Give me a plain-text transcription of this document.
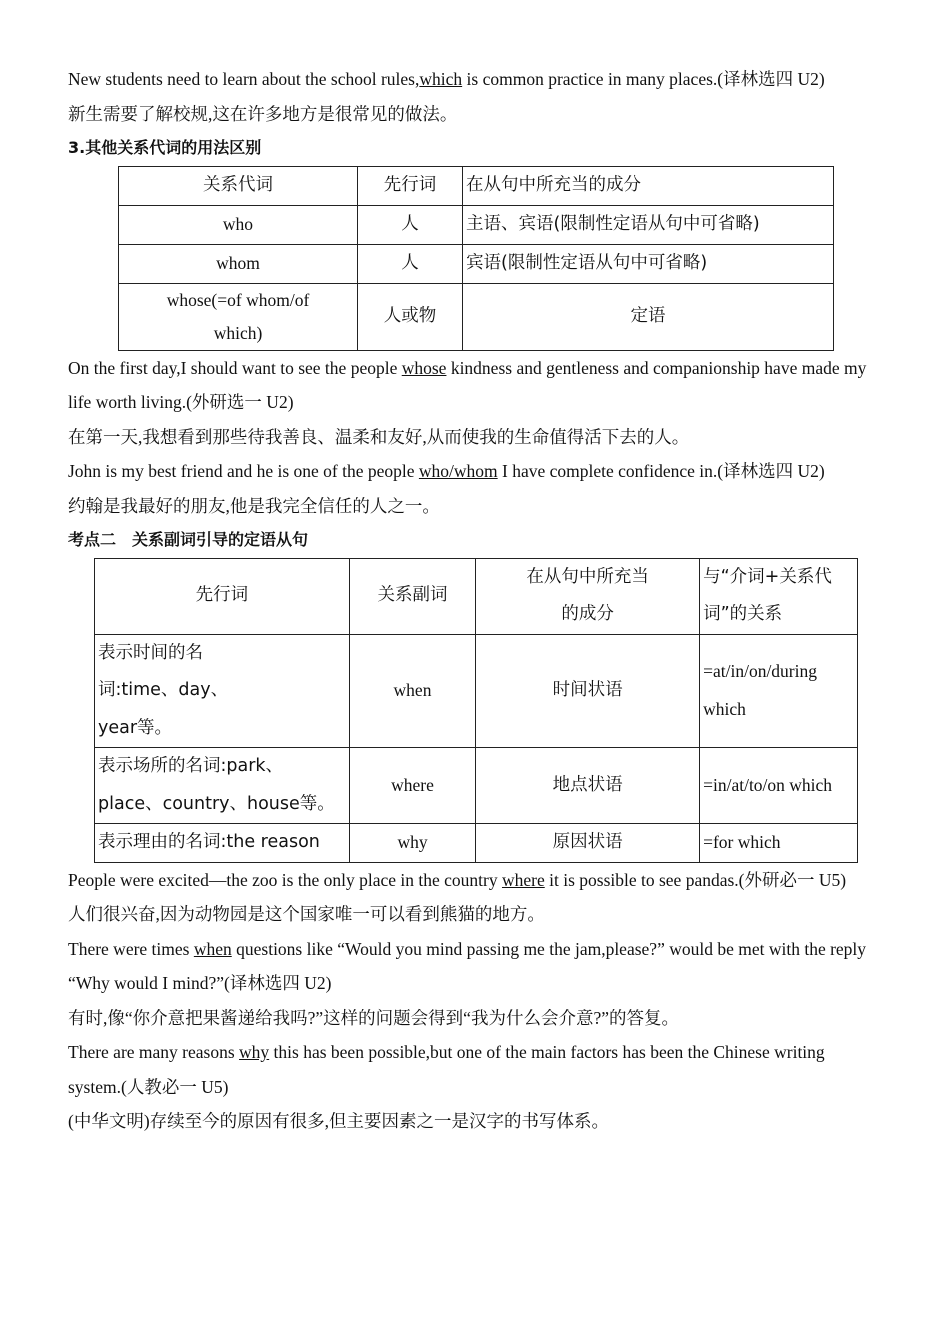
New students need to learn about the school rules,which is common practice in many places.(译林选四 U2)

新生需要了解校规,这在许多地方是很常见的做法。

3.其他关系代词的用法区别

关系代词	先行词	在从句中所充当的成分
who	人	主语、宾语(限制性定语从句中可省略)
whom	人	宾语(限制性定语从句中可省略)
whose(=of whom/of which)	人或物	定语

On the first day,I should want to see the people whose kindness and gentleness and companionship have made my life worth living.(外研选一 U2)

在第一天,我想看到那些待我善良、温柔和友好,从而使我的生命值得活下去的人。

John is my best friend and he is one of the people who/whom I have complete confidence in.(译林选四 U2)

约翰是我最好的朋友,他是我完全信任的人之一。

考点二　关系副词引导的定语从句

先行词	关系副词	在从句中所充当的成分	与“介词+关系代词”的关系
表示时间的名词:time、day、year等。	when	时间状语	=at/in/on/during which
表示场所的名词:park、place、country、house等。	where	地点状语	=in/at/to/on which
表示理由的名词:the reason	why	原因状语	=for which

People were excited—the zoo is the only place in the country where it is possible to see pandas.(外研必一 U5)

人们很兴奋,因为动物园是这个国家唯一可以看到熊猫的地方。

There were times when questions like “Would you mind passing me the jam,please?” would be met with the reply “Why would I mind?”(译林选四 U2)

有时,像“你介意把果酱递给我吗?”这样的问题会得到“我为什么会介意?”的答复。

There are many reasons why this has been possible,but one of the main factors has been the Chinese writing system.(人教必一 U5)

(中华文明)存续至今的原因有很多,但主要因素之一是汉字的书写体系。
